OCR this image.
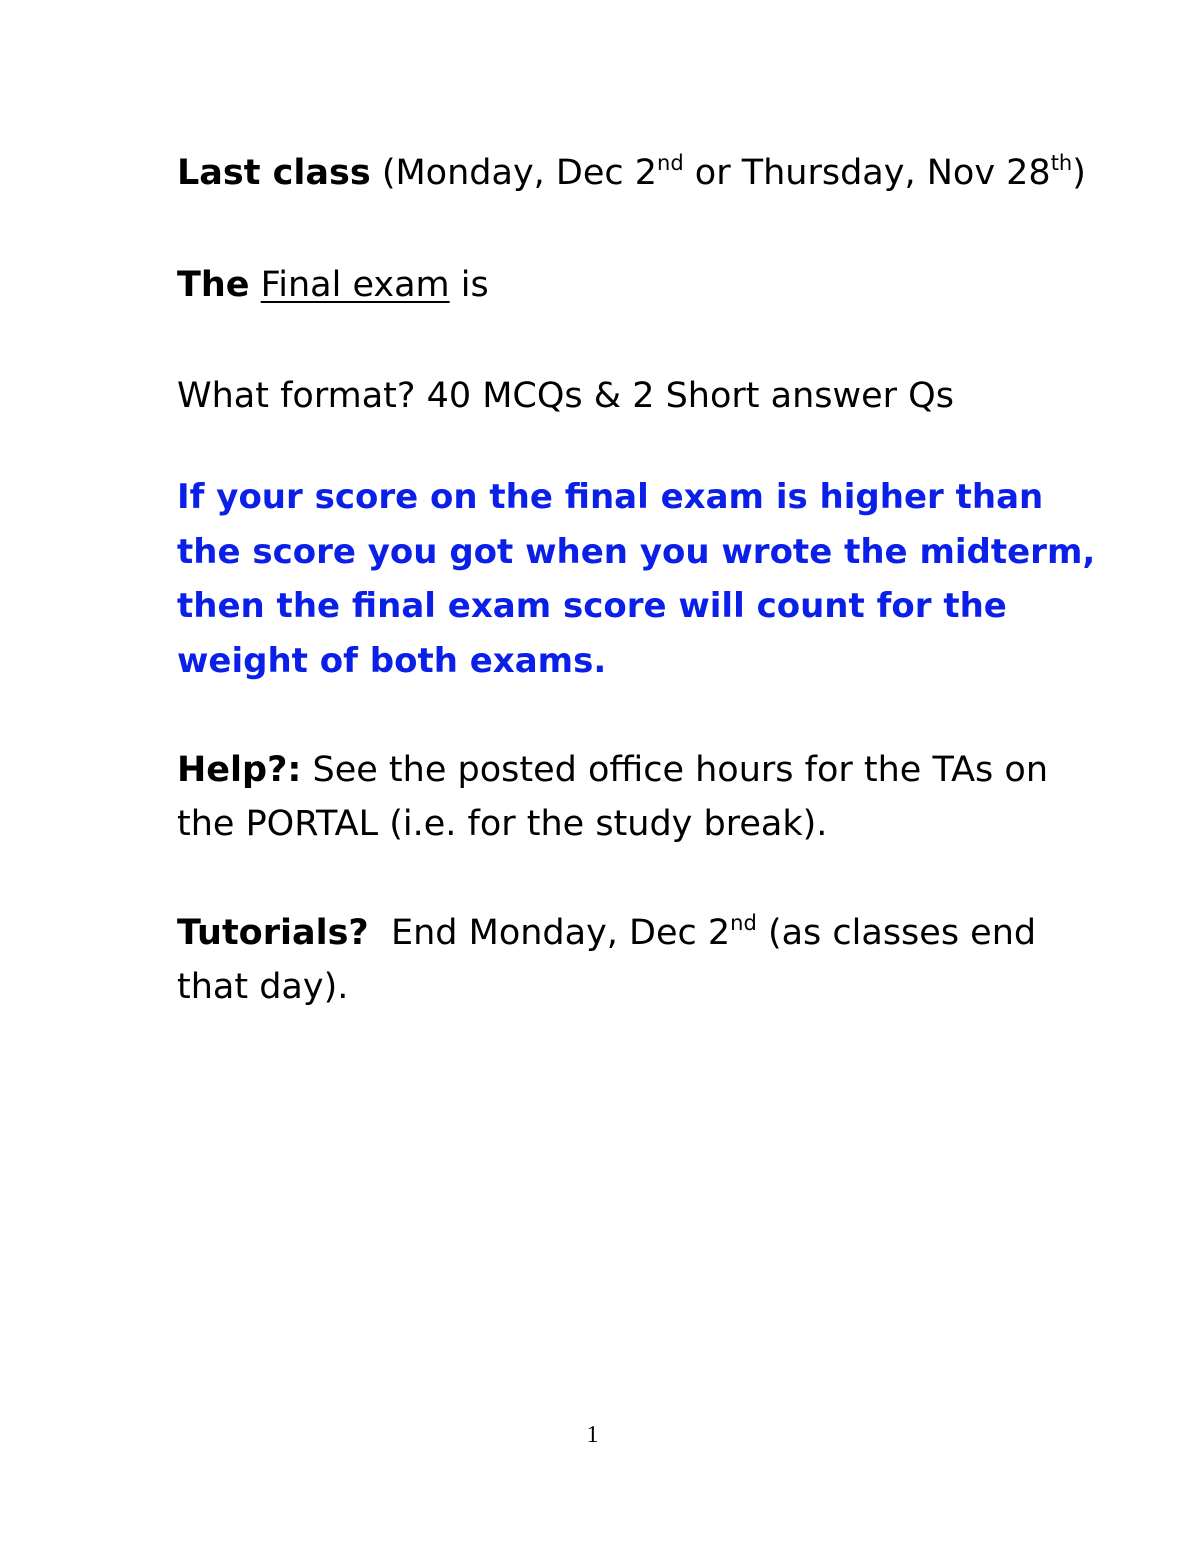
Last class (Monday, Dec 2nd or Thursday, Nov 28th)
The Final exam is
What format? 40 MCQs & 2 Short answer Qs
If your score on the final exam is higher than
the score you got when you wrote the midterm,
then the final exam score will count for the
weight of both exams.
Help?: See the posted office hours for the TAs on
the PORTAL (i.e. for the study break).
Tutorials?  End Monday, Dec 2nd (as classes end
that day).
1
